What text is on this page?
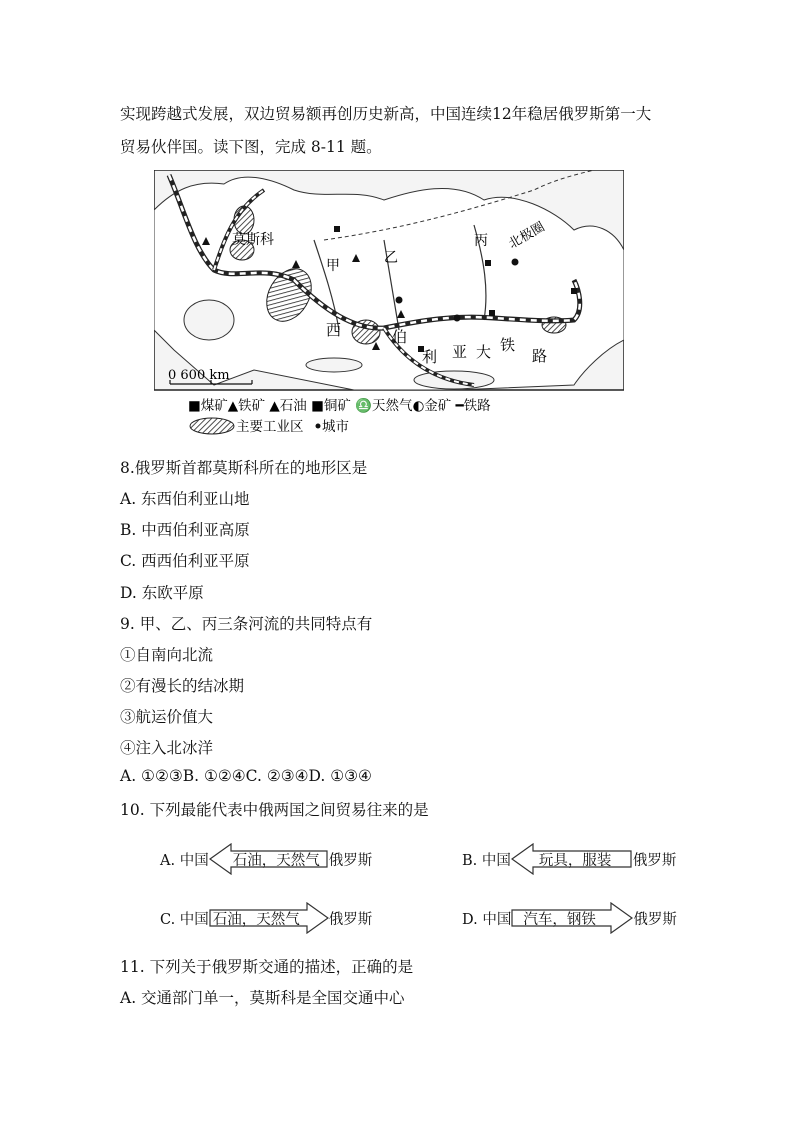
实现跨越式发展，双边贸易额再创历史新高，中国连续12年稳居俄罗斯第一大
贸易伙伴国。读下图，完成 8-11 题。
0 600 km
莫斯科	北极圈
甲	乙
丙
西	伯
利 亚 大 铁
路
■煤矿▲铁矿 ▲石油 ■铜矿 ♎天然气◐金矿 ━铁路
主要工业区 城市
8.俄罗斯首都莫斯科所在的地形区是
A. 东西伯利亚山地
B. 中西伯利亚高原
C. 西西伯利亚平原
D. 东欧平原
9. 甲、乙、丙三条河流的共同特点有
①自南向北流
②有漫长的结冰期
③航运价值大
④注入北冰洋
A. ①②③B. ①②④C. ②③④D. ①③④
10. 下列最能代表中俄两国之间贸易往来的是
A. 中国 石油，天然气 俄罗斯	B. 中国 玩具，服装 俄罗斯
C. 中国 石油，天然气 俄罗斯	D. 中国 汽车，钢铁	俄罗斯
11. 下列关于俄罗斯交通的描述，正确的是
A. 交通部门单一，莫斯科是全国交通中心
